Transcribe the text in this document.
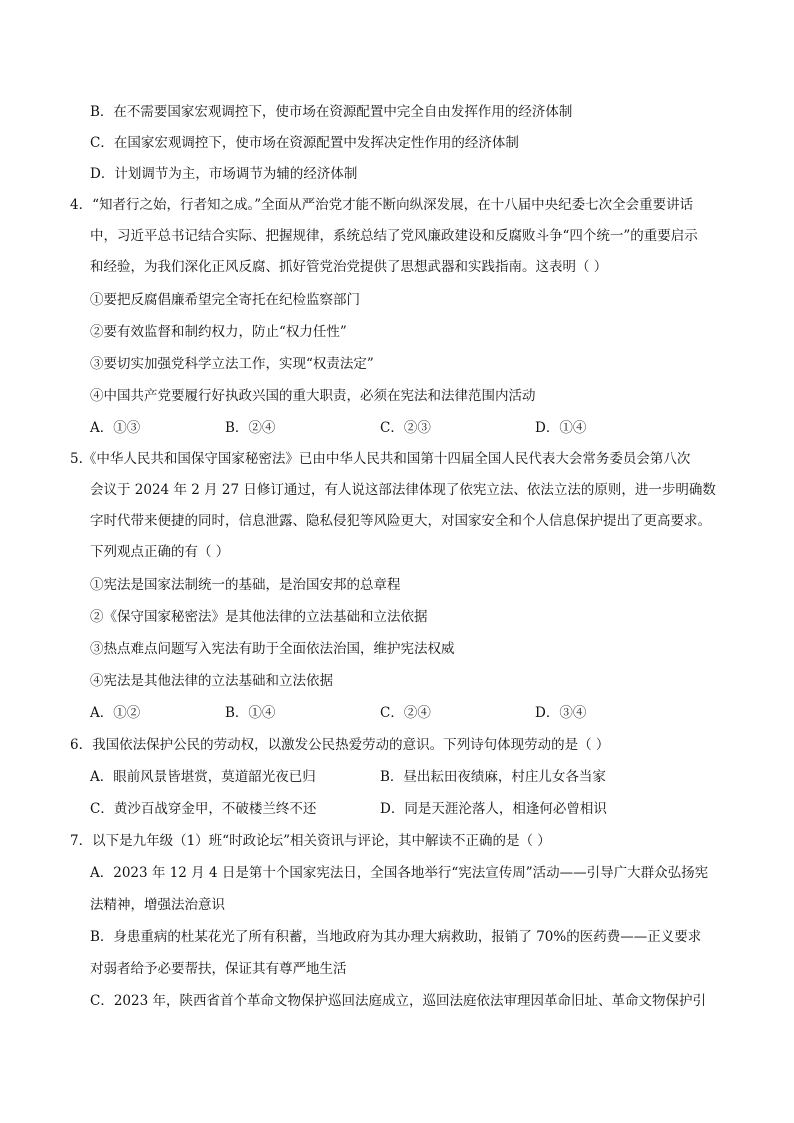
B．在不需要国家宏观调控下，使市场在资源配置中完全自由发挥作用的经济体制
C．在国家宏观调控下，使市场在资源配置中发挥决定性作用的经济体制
D．计划调节为主，市场调节为辅的经济体制
4．“知者行之始，行者知之成。”全面从严治党才能不断向纵深发展，在十八届中央纪委七次全会重要讲话
中，习近平总书记结合实际、把握规律，系统总结了党风廉政建设和反腐败斗争“四个统一”的重要启示
和经验，为我们深化正风反腐、抓好管党治党提供了思想武器和实践指南。这表明（ ）
①要把反腐倡廉希望完全寄托在纪检监察部门
②要有效监督和制约权力，防止“权力任性”
③要切实加强党科学立法工作，实现“权责法定”
④中国共产党要履行好执政兴国的重大职责，必须在宪法和法律范围内活动
A．①③	B．②④	C．②③	D．①④
5.《中华人民共和国保守国家秘密法》已由中华人民共和国第十四届全国人民代表大会常务委员会第八次
会议于 2024 年 2 月 27 日修订通过，有人说这部法律体现了依宪立法、依法立法的原则，进一步明确数
字时代带来便捷的同时，信息泄露、隐私侵犯等风险更大，对国家安全和个人信息保护提出了更高要求。
下列观点正确的有（ ）
①宪法是国家法制统一的基础，是治国安邦的总章程
②《保守国家秘密法》是其他法律的立法基础和立法依据
③热点难点问题写入宪法有助于全面依法治国，维护宪法权威
④宪法是其他法律的立法基础和立法依据
A．①②	B．①④	C．②④	D．③④
6．我国依法保护公民的劳动权，以激发公民热爱劳动的意识。下列诗句体现劳动的是（ ）
A．眼前风景皆堪赏，莫道韶光夜已归	B．昼出耘田夜绩麻，村庄儿女各当家
C．黄沙百战穿金甲，不破楼兰终不还	D．同是天涯沦落人，相逢何必曾相识
7．以下是九年级（1）班“时政论坛”相关资讯与评论，其中解读不正确的是（ ）
A．2023 年 12 月 4 日是第十个国家宪法日，全国各地举行“宪法宣传周”活动——引导广大群众弘扬宪
法精神，增强法治意识
B．身患重病的杜某花光了所有积蓄，当地政府为其办理大病救助，报销了 70%的医药费——正义要求
对弱者给予必要帮扶，保证其有尊严地生活
C．2023 年，陕西省首个革命文物保护巡回法庭成立，巡回法庭依法审理因革命旧址、革命文物保护引
